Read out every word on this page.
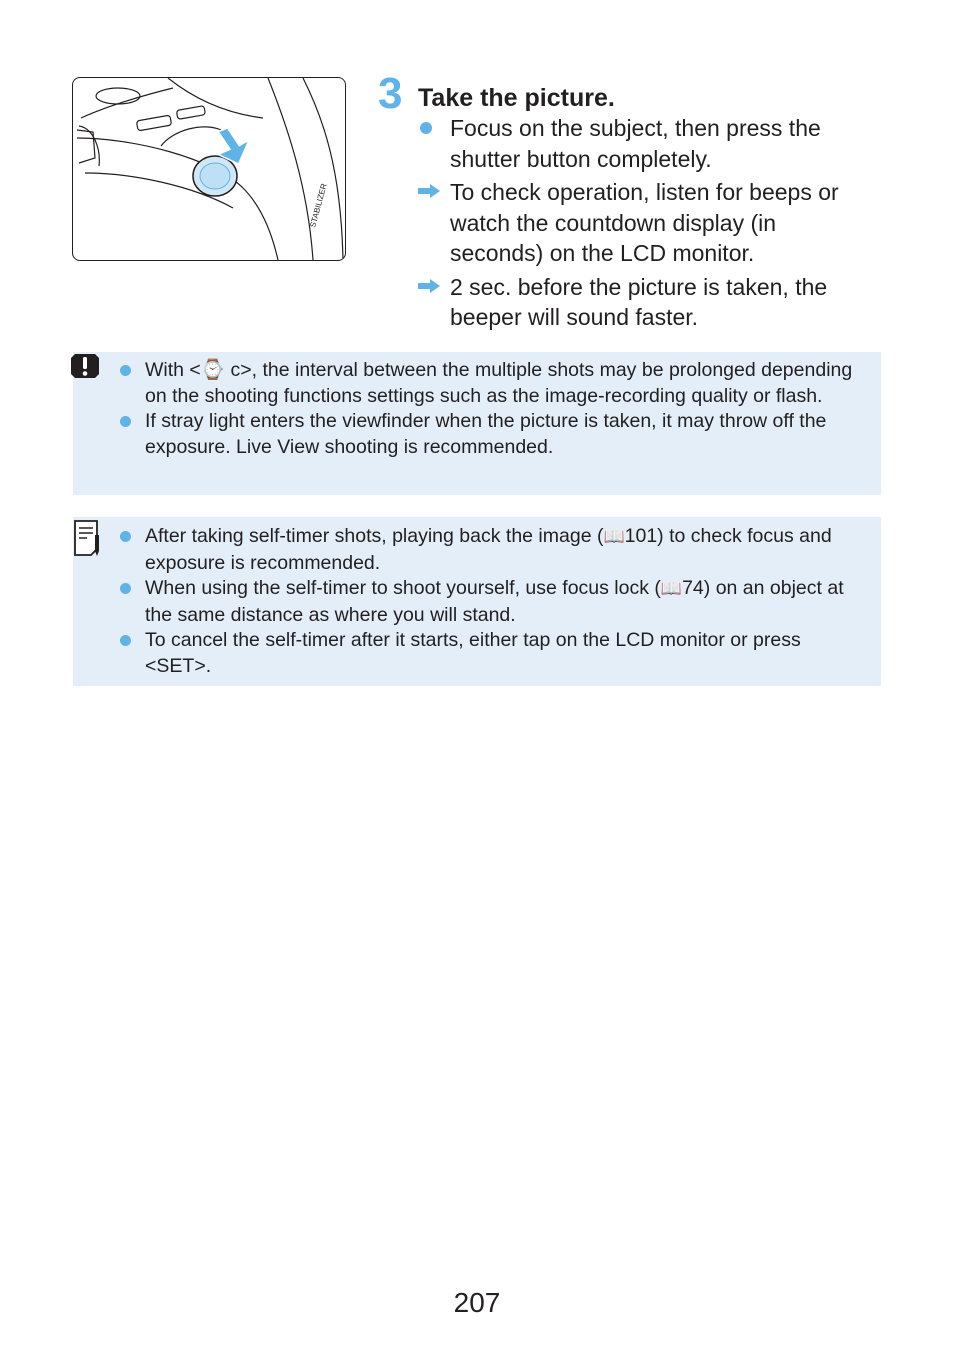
STABILIZER
3 Take the picture.
Focus on the subject, then press the shutter button completely.
To check operation, listen for beeps or watch the countdown display (in seconds) on the LCD monitor.
2 sec. before the picture is taken, the beeper will sound faster.
With <⌚ c>, the interval between the multiple shots may be prolonged depending on the shooting functions settings such as the image-recording quality or flash.
If stray light enters the viewfinder when the picture is taken, it may throw off the exposure. Live View shooting is recommended.
After taking self-timer shots, playing back the image (📖101) to check focus and exposure is recommended.
When using the self-timer to shoot yourself, use focus lock (📖74) on an object at the same distance as where you will stand.
To cancel the self-timer after it starts, either tap on the LCD monitor or press <SET>.
207
